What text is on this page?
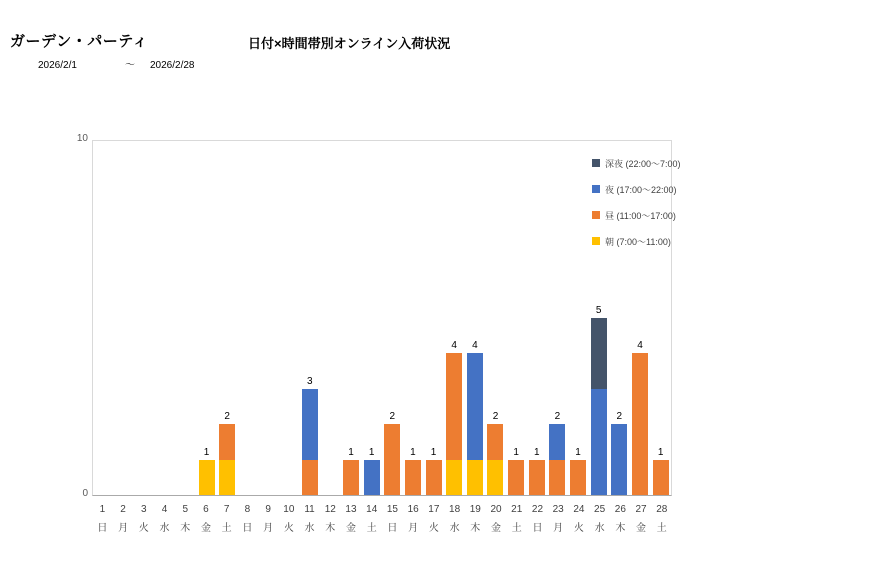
ガーデン・パーティ
2026/2/1	～ 2026/2/28
日付×時間帯別オンライン入荷状況
10
0
1
2
3
1 1
2
1 1
4 4
2
1 1
2
1
5
2
4
1
1
日
2
月
3
火
4
水
5
木
6
金
7
土
8
日
9
月
10
火
11
水
12
木
13
金
14
土
15
日
16
月
17
火
18
水
19
木
20
金
21
土
22
日
23
月
24
火
25
水
26
木
27
金
28
土
深夜 (22:00～7:00)
夜 (17:00～22:00)
昼 (11:00～17:00)
朝 (7:00～11:00)
